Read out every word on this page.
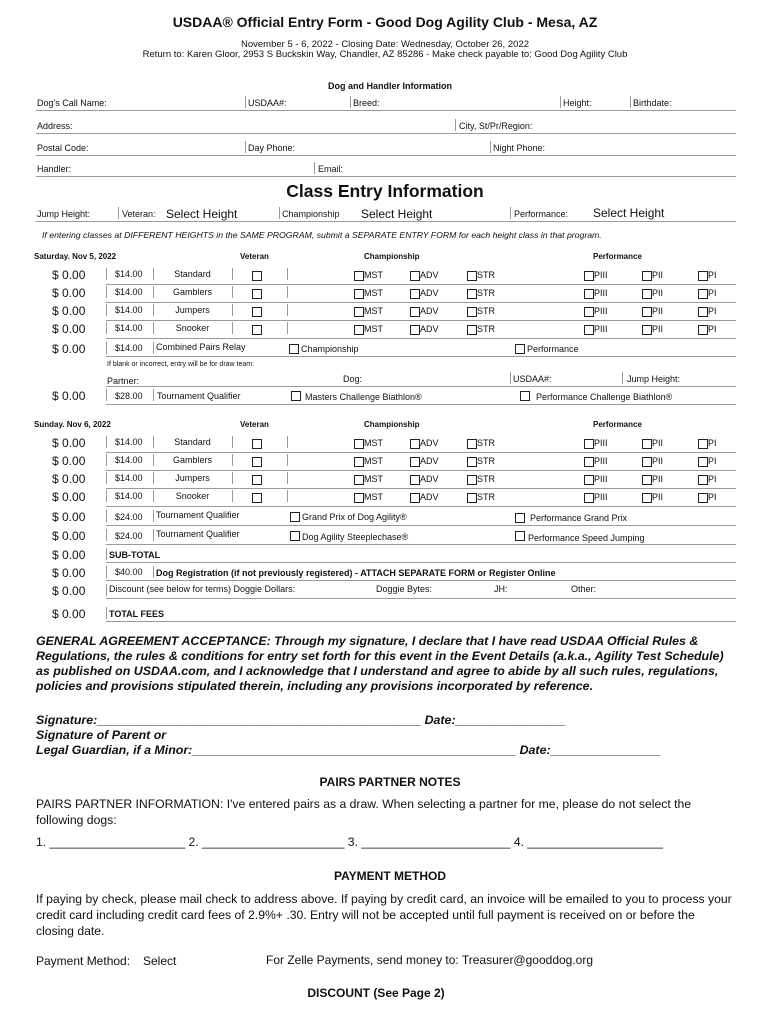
USDAA® Official Entry Form - Good Dog Agility Club - Mesa, AZ
November 5 - 6, 2022 - Closing Date: Wednesday, October 26, 2022
Return to: Karen Gloor, 2953 S Buckskin Way, Chandler, AZ 85286 - Make check payable to: Good Dog Agility Club
Dog and Handler Information
Dog's Call Name:	USDAA#:	Breed:	Height:	Birthdate:
Address:	City, St/Pr/Region:
Postal Code:	Day Phone:	Night Phone:
Handler:	Email:
Class Entry Information
Jump Height:	Veteran: Select Height	Championship Select Height	Performance: Select Height
If entering classes at DIFFERENT HEIGHTS in the SAME PROGRAM, submit a SEPARATE ENTRY FORM for each height class in that program.
Saturday. Nov 5, 2022	Veteran	Championship	Performance
$ 0.00	$14.00	Standard	MST	ADV	STR	PIII	PII	PI
$ 0.00	$14.00	Gamblers	MST	ADV	STR	PIII	PII	PI
$ 0.00	$14.00	Jumpers	MST	ADV	STR	PIII	PII	PI
$ 0.00	$14.00	Snooker	MST	ADV	STR	PIII	PII	PI
$ 0.00	$14.00 Combined Pairs Relay	Championship	Performance
If blank or incorrect, entry will be for draw team:
Partner:	Dog:	USDAA#:	Jump Height:
$ 0.00	$28.00 Tournament Qualifier	Masters Challenge Biathlon®	Performance Challenge Biathlon®
Sunday. Nov 6, 2022	Veteran	Championship	Performance
$ 0.00	$14.00	Standard	MST	ADV	STR	PIII	PII	PI
$ 0.00	$14.00	Gamblers	MST	ADV	STR	PIII	PII	PI
$ 0.00	$14.00	Jumpers	MST	ADV	STR	PIII	PII	PI
$ 0.00	$14.00	Snooker	MST	ADV	STR	PIII	PII	PI
$ 0.00	$24.00 Tournament Qualifier	Grand Prix of Dog Agility®	Performance Grand Prix
$ 0.00	$24.00 Tournament Qualifier	Dog Agility Steeplechase®	Performance Speed Jumping
$ 0.00	SUB-TOTAL
$ 0.00	$40.00 Dog Registration (if not previously registered) - ATTACH SEPARATE FORM or Register Online
$ 0.00	Discount (see below for terms) Doggie Dollars:	Doggie Bytes:	JH:	Other:
$ 0.00	TOTAL FEES
GENERAL AGREEMENT ACCEPTANCE: Through my signature, I declare that I have read USDAA Official Rules & Regulations, the rules & conditions for entry set forth for this event in the Event Details (a.k.a., Agility Test Schedule) as published on USDAA.com, and I acknowledge that I understand and agree to abide by all such rules, regulations, policies and provisions stipulated therein, including any provisions incorporated by reference.
Signature:_______________________________________________ Date:________________
Signature of Parent or
Legal Guardian, if a Minor:_______________________________________________ Date:________________
PAIRS PARTNER NOTES
PAIRS PARTNER INFORMATION: I've entered pairs as a draw. When selecting a partner for me, please do not select the following dogs:
1. ____________________ 2. _____________________ 3. ______________________ 4. ____________________
PAYMENT METHOD
If paying by check, please mail check to address above. If paying by credit card, an invoice will be emailed to you to process your credit card including credit card fees of 2.9%+ .30. Entry will not be accepted until full payment is received on or before the closing date.
Payment Method: Select	For Zelle Payments, send money to: Treasurer@gooddog.org
DISCOUNT (See Page 2)
